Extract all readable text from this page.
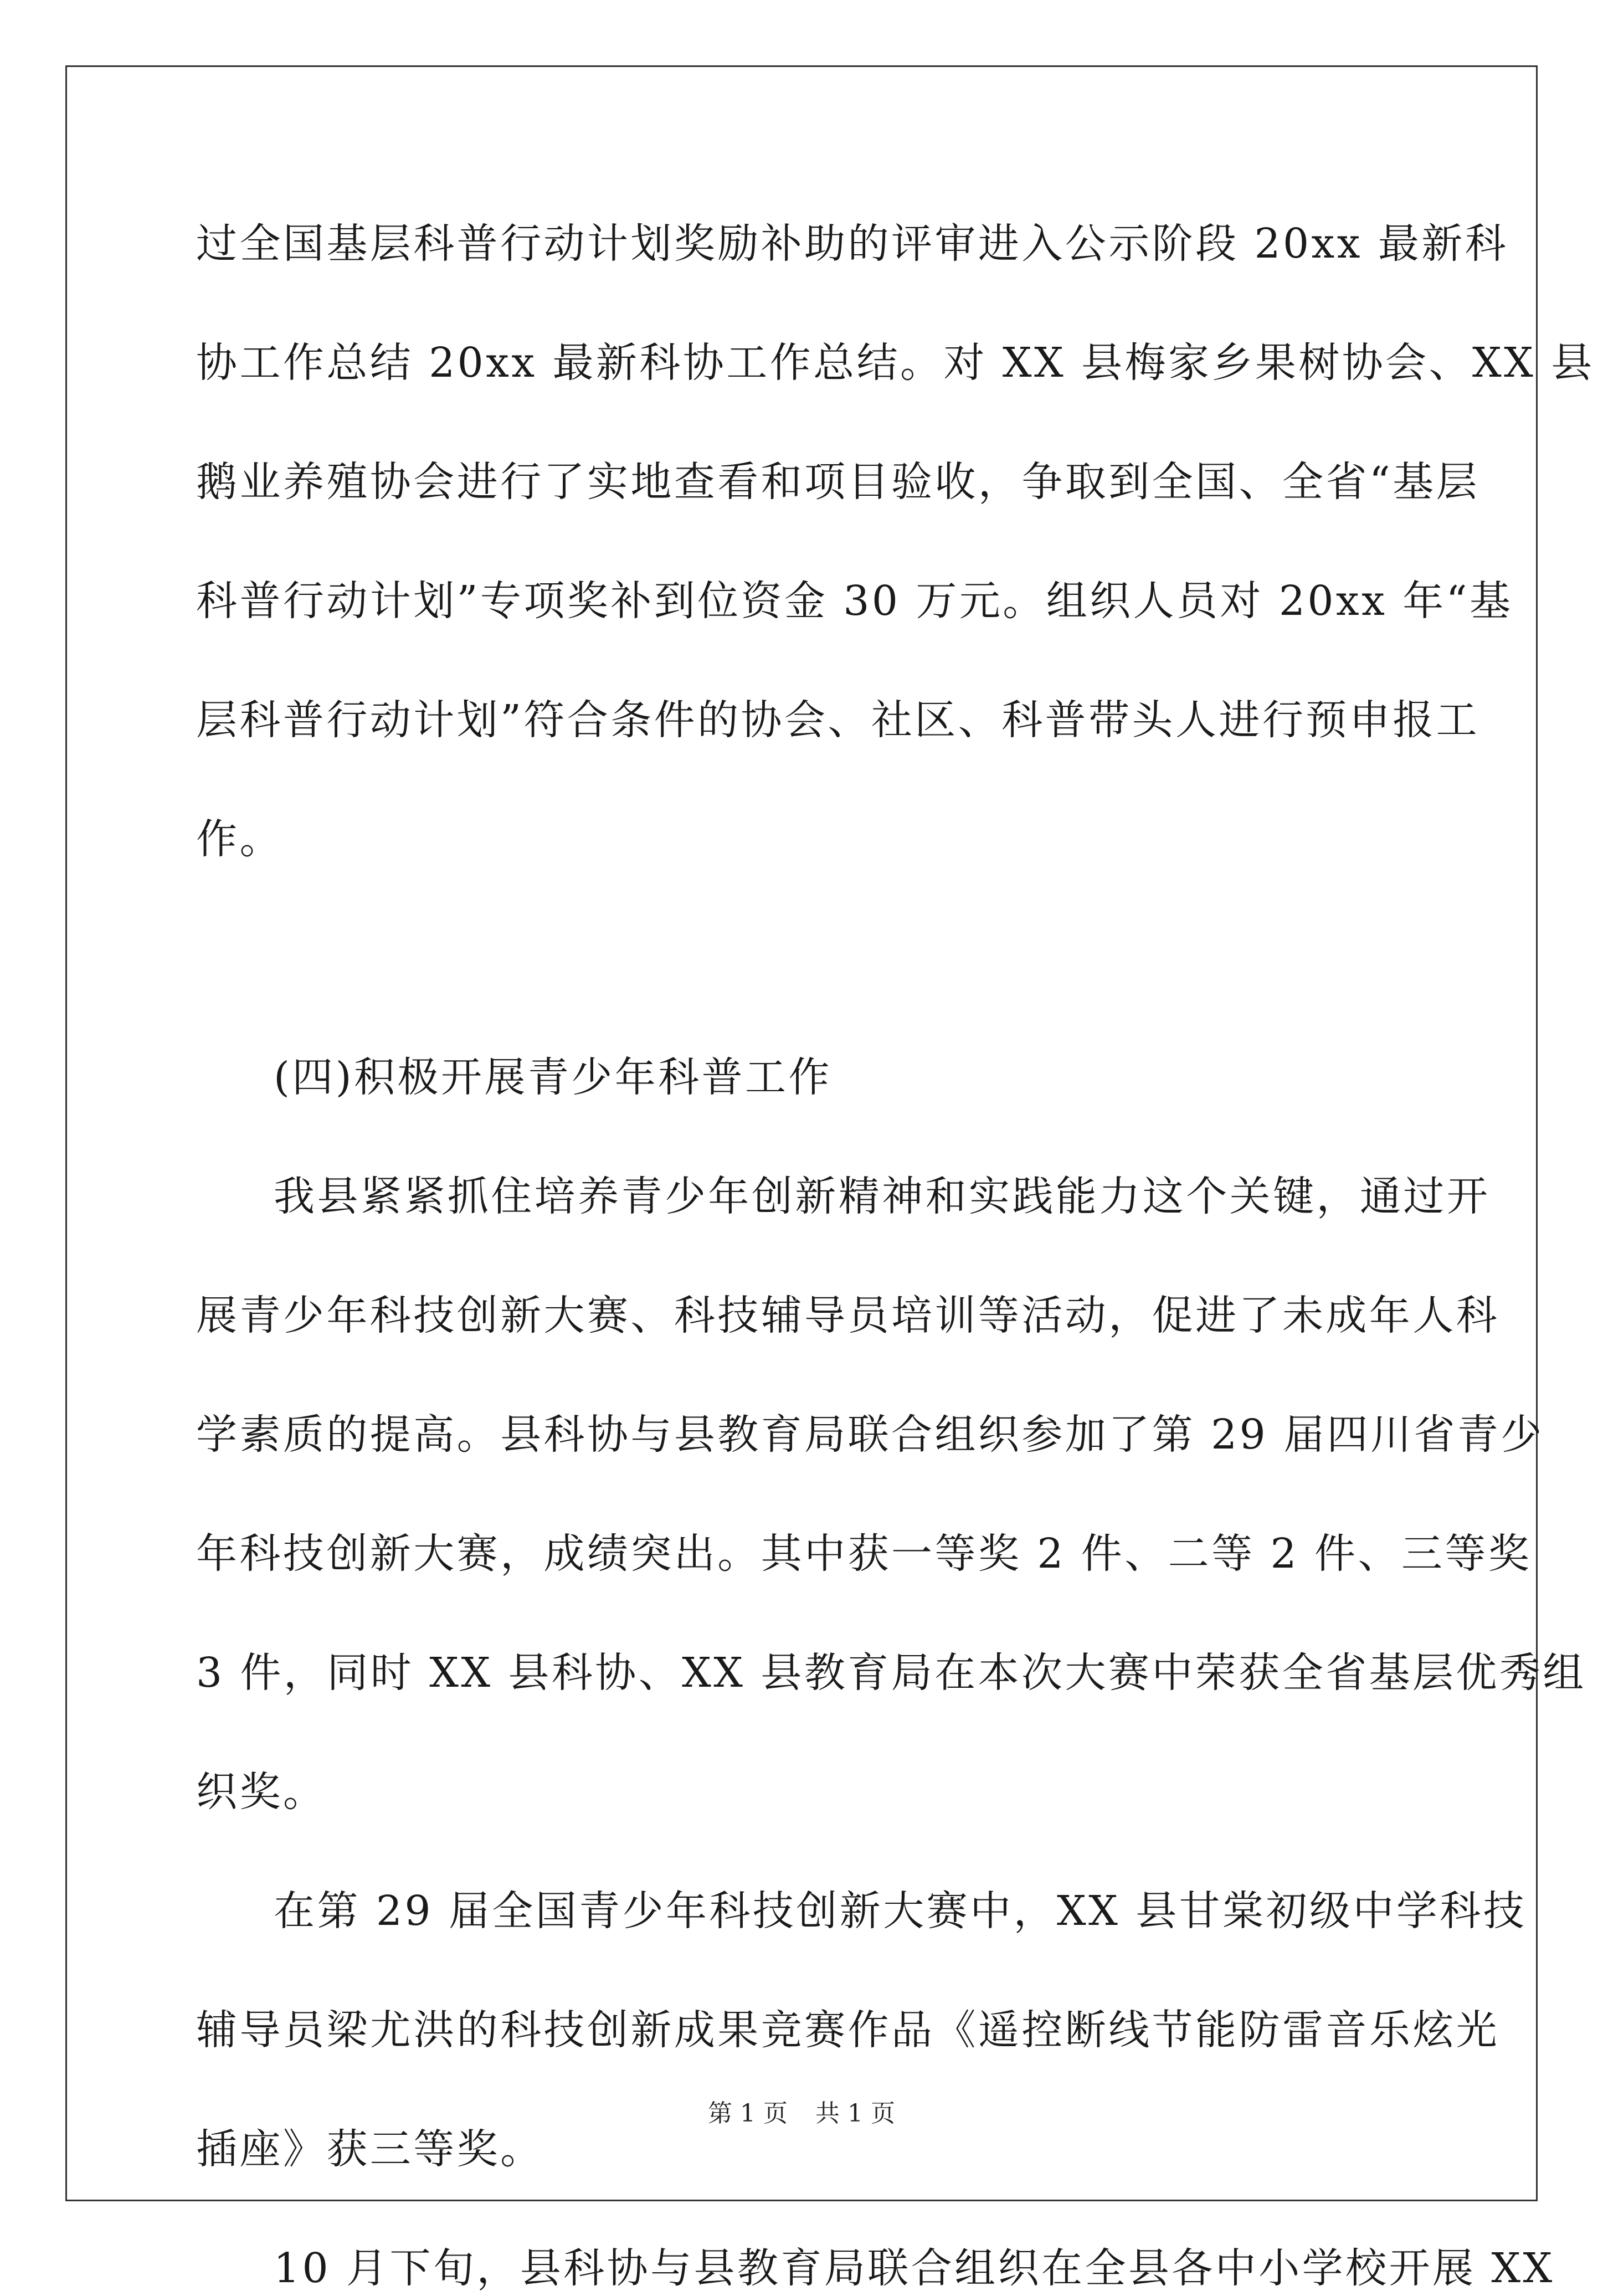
过全国基层科普行动计划奖励补助的评审进入公示阶段 20xx 最新科
协工作总结 20xx 最新科协工作总结。对 XX 县梅家乡果树协会、XX 县
鹅业养殖协会进行了实地查看和项目验收，争取到全国、全省“基层
科普行动计划”专项奖补到位资金 30 万元。组织人员对 20xx 年“基
层科普行动计划”符合条件的协会、社区、科普带头人进行预申报工
作。
(四)积极开展青少年科普工作
我县紧紧抓住培养青少年创新精神和实践能力这个关键，通过开
展青少年科技创新大赛、科技辅导员培训等活动，促进了未成年人科
学素质的提高。县科协与县教育局联合组织参加了第 29 届四川省青少
年科技创新大赛，成绩突出。其中获一等奖 2 件、二等 2 件、三等奖
3 件，同时 XX 县科协、XX 县教育局在本次大赛中荣获全省基层优秀组
织奖。
在第 29 届全国青少年科技创新大赛中，XX 县甘棠初级中学科技
辅导员梁尤洪的科技创新成果竞赛作品《遥控断线节能防雷音乐炫光
插座》获三等奖。
10 月下旬，县科协与县教育局联合组织在全县各中小学校开展 XX
第 1 页 共 1 页
